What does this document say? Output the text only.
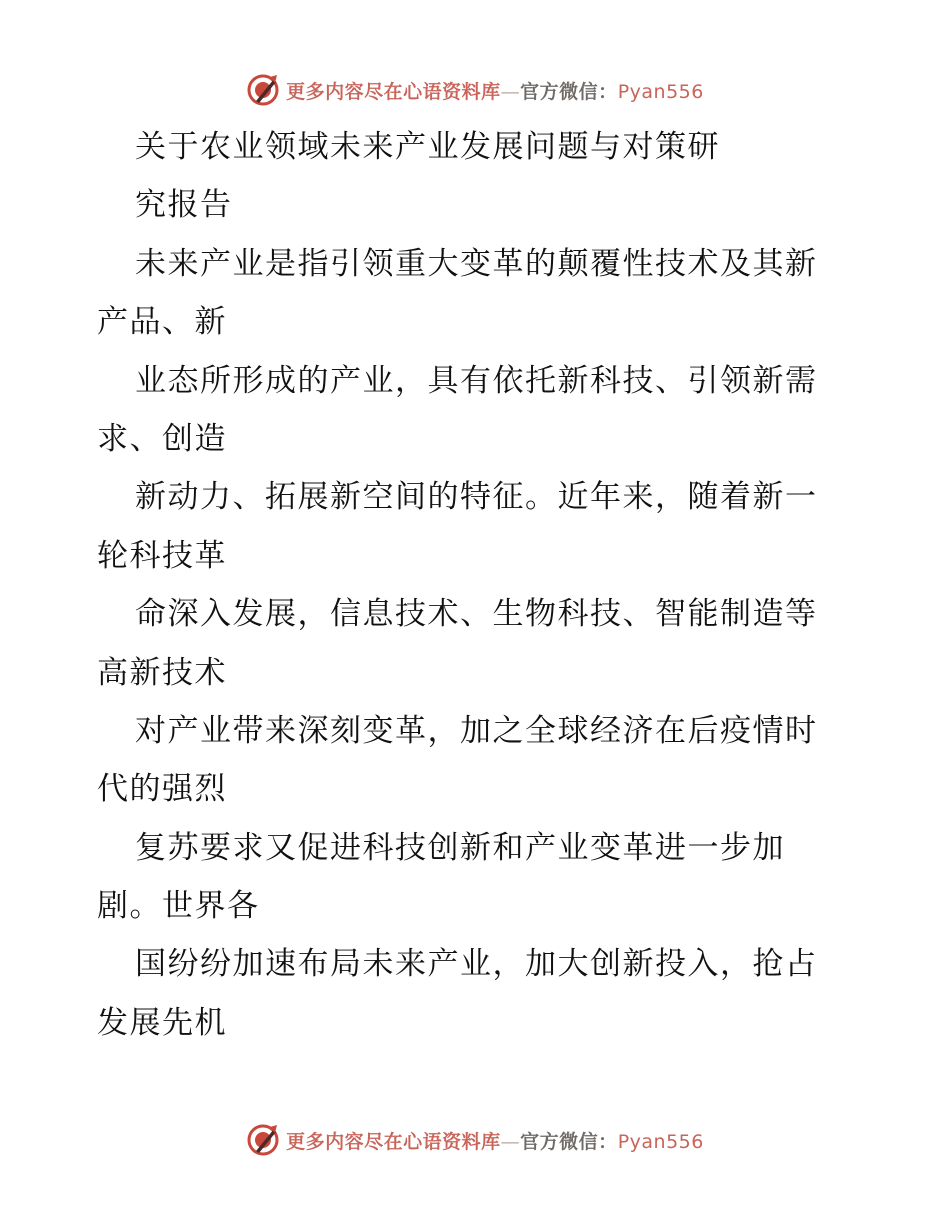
更多内容尽在心语资料库—官方微信：Pyan556
关于农业领域未来产业发展问题与对策研
究报告
未来产业是指引领重大变革的颠覆性技术及其新
产品、新
业态所形成的产业，具有依托新科技、引领新需
求、创造
新动力、拓展新空间的特征。近年来，随着新一
轮科技革
命深入发展，信息技术、生物科技、智能制造等
高新技术
对产业带来深刻变革，加之全球经济在后疫情时
代的强烈
复苏要求又促进科技创新和产业变革进一步加
剧。世界各
国纷纷加速布局未来产业，加大创新投入，抢占
发展先机
更多内容尽在心语资料库—官方微信：Pyan556
